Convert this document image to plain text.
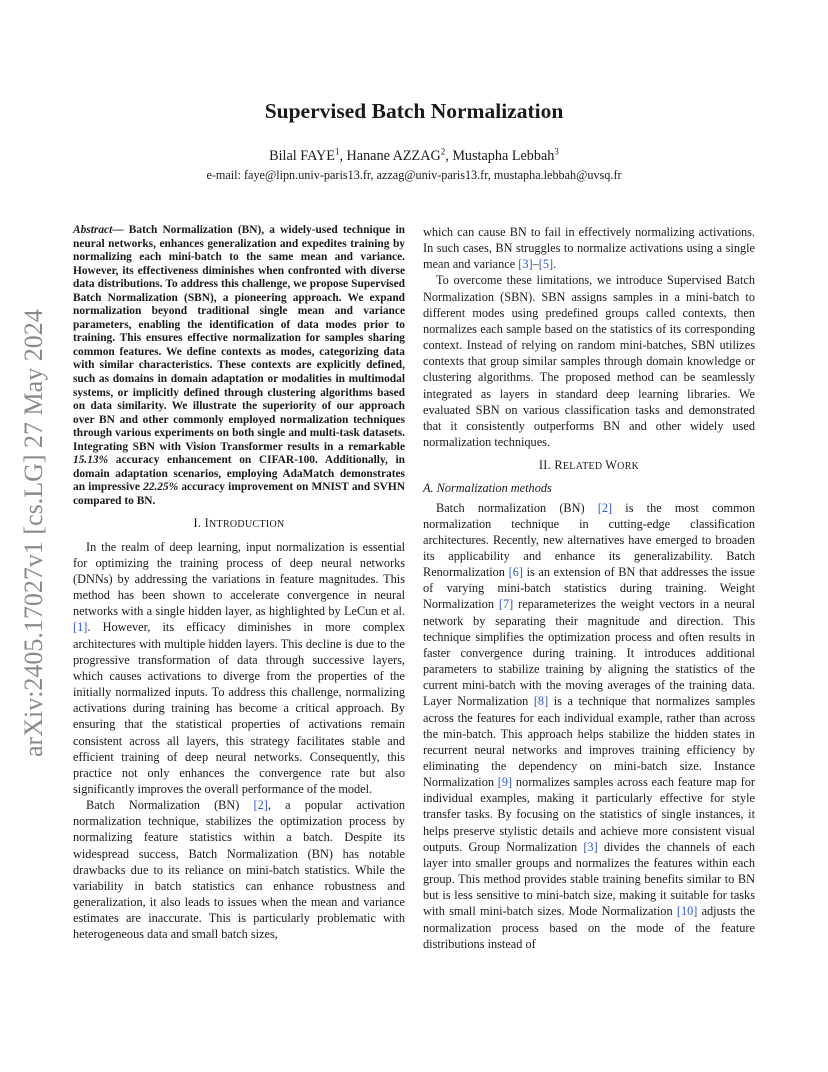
arXiv:2405.17027v1 [cs.LG] 27 May 2024
Supervised Batch Normalization
Bilal FAYE$^1$, Hanane AZZAG$^2$, Mustapha Lebbah$^3$
e-mail: faye@lipn.univ-paris13.fr, azzag@univ-paris13.fr, mustapha.lebbah@uvsq.fr

Abstract— Batch Normalization (BN), a widely-used technique in neural networks, enhances generalization and expedites training by normalizing each mini-batch to the same mean and variance. However, its effectiveness diminishes when confronted with diverse data distributions. To address this challenge, we propose Supervised Batch Normalization (SBN), a pioneering approach. We expand normalization beyond traditional single mean and variance parameters, enabling the identification of data modes prior to training. This ensures effective normalization for samples sharing common features. We define contexts as modes, categorizing data with similar characteristics. These contexts are explicitly defined, such as domains in domain adaptation or modalities in multimodal systems, or implicitly defined through clustering algorithms based on data similarity. We illustrate the superiority of our approach over BN and other commonly employed normalization techniques through various experiments on both single and multi-task datasets. Integrating SBN with Vision Transformer results in a remarkable 15.13% accuracy enhancement on CIFAR-100. Additionally, in domain adaptation scenarios, employing AdaMatch demonstrates an impressive 22.25% accuracy improvement on MNIST and SVHN compared to BN.

I. INTRODUCTION

In the realm of deep learning, input normalization is essential for optimizing the training process of deep neural networks (DNNs) by addressing the variations in feature magnitudes. This method has been shown to accelerate convergence in neural networks with a single hidden layer, as highlighted by LeCun et al. [1]. However, its efficacy diminishes in more complex architectures with multiple hidden layers. This decline is due to the progressive transformation of data through successive layers, which causes activations to diverge from the properties of the initially normalized inputs. To address this challenge, normalizing activations during training has become a critical approach. By ensuring that the statistical properties of activations remain consistent across all layers, this strategy facilitates stable and efficient training of deep neural networks. Consequently, this practice not only enhances the convergence rate but also significantly improves the overall performance of the model.

Batch Normalization (BN) [2], a popular activation normalization technique, stabilizes the optimization process by normalizing feature statistics within a batch. Despite its widespread success, Batch Normalization (BN) has notable drawbacks due to its reliance on mini-batch statistics. While the variability in batch statistics can enhance robustness and generalization, it also leads to issues when the mean and variance estimates are inaccurate. This is particularly problematic with heterogeneous data and small batch sizes,

which can cause BN to fail in effectively normalizing activations. In such cases, BN struggles to normalize activations using a single mean and variance [3]–[5].

To overcome these limitations, we introduce Supervised Batch Normalization (SBN). SBN assigns samples in a mini-batch to different modes using predefined groups called contexts, then normalizes each sample based on the statistics of its corresponding context. Instead of relying on random mini-batches, SBN utilizes contexts that group similar samples through domain knowledge or clustering algorithms. The proposed method can be seamlessly integrated as layers in standard deep learning libraries. We evaluated SBN on various classification tasks and demonstrated that it consistently outperforms BN and other widely used normalization techniques.

II. RELATED WORK
A. Normalization methods

Batch normalization (BN) [2] is the most common normalization technique in cutting-edge classification architectures. Recently, new alternatives have emerged to broaden its applicability and enhance its generalizability. Batch Renormalization [6] is an extension of BN that addresses the issue of varying mini-batch statistics during training. Weight Normalization [7] reparameterizes the weight vectors in a neural network by separating their magnitude and direction. This technique simplifies the optimization process and often results in faster convergence during training. It introduces additional parameters to stabilize training by aligning the statistics of the current mini-batch with the moving averages of the training data. Layer Normalization [8] is a technique that normalizes samples across the features for each individual example, rather than across the min-batch. This approach helps stabilize the hidden states in recurrent neural networks and improves training efficiency by eliminating the dependency on mini-batch size. Instance Normalization [9] normalizes samples across each feature map for individual examples, making it particularly effective for style transfer tasks. By focusing on the statistics of single instances, it helps preserve stylistic details and achieve more consistent visual outputs. Group Normalization [3] divides the channels of each layer into smaller groups and normalizes the features within each group. This method provides stable training benefits similar to BN but is less sensitive to mini-batch size, making it suitable for tasks with small mini-batch sizes. Mode Normalization [10] adjusts the normalization process based on the mode of the feature distributions instead of
